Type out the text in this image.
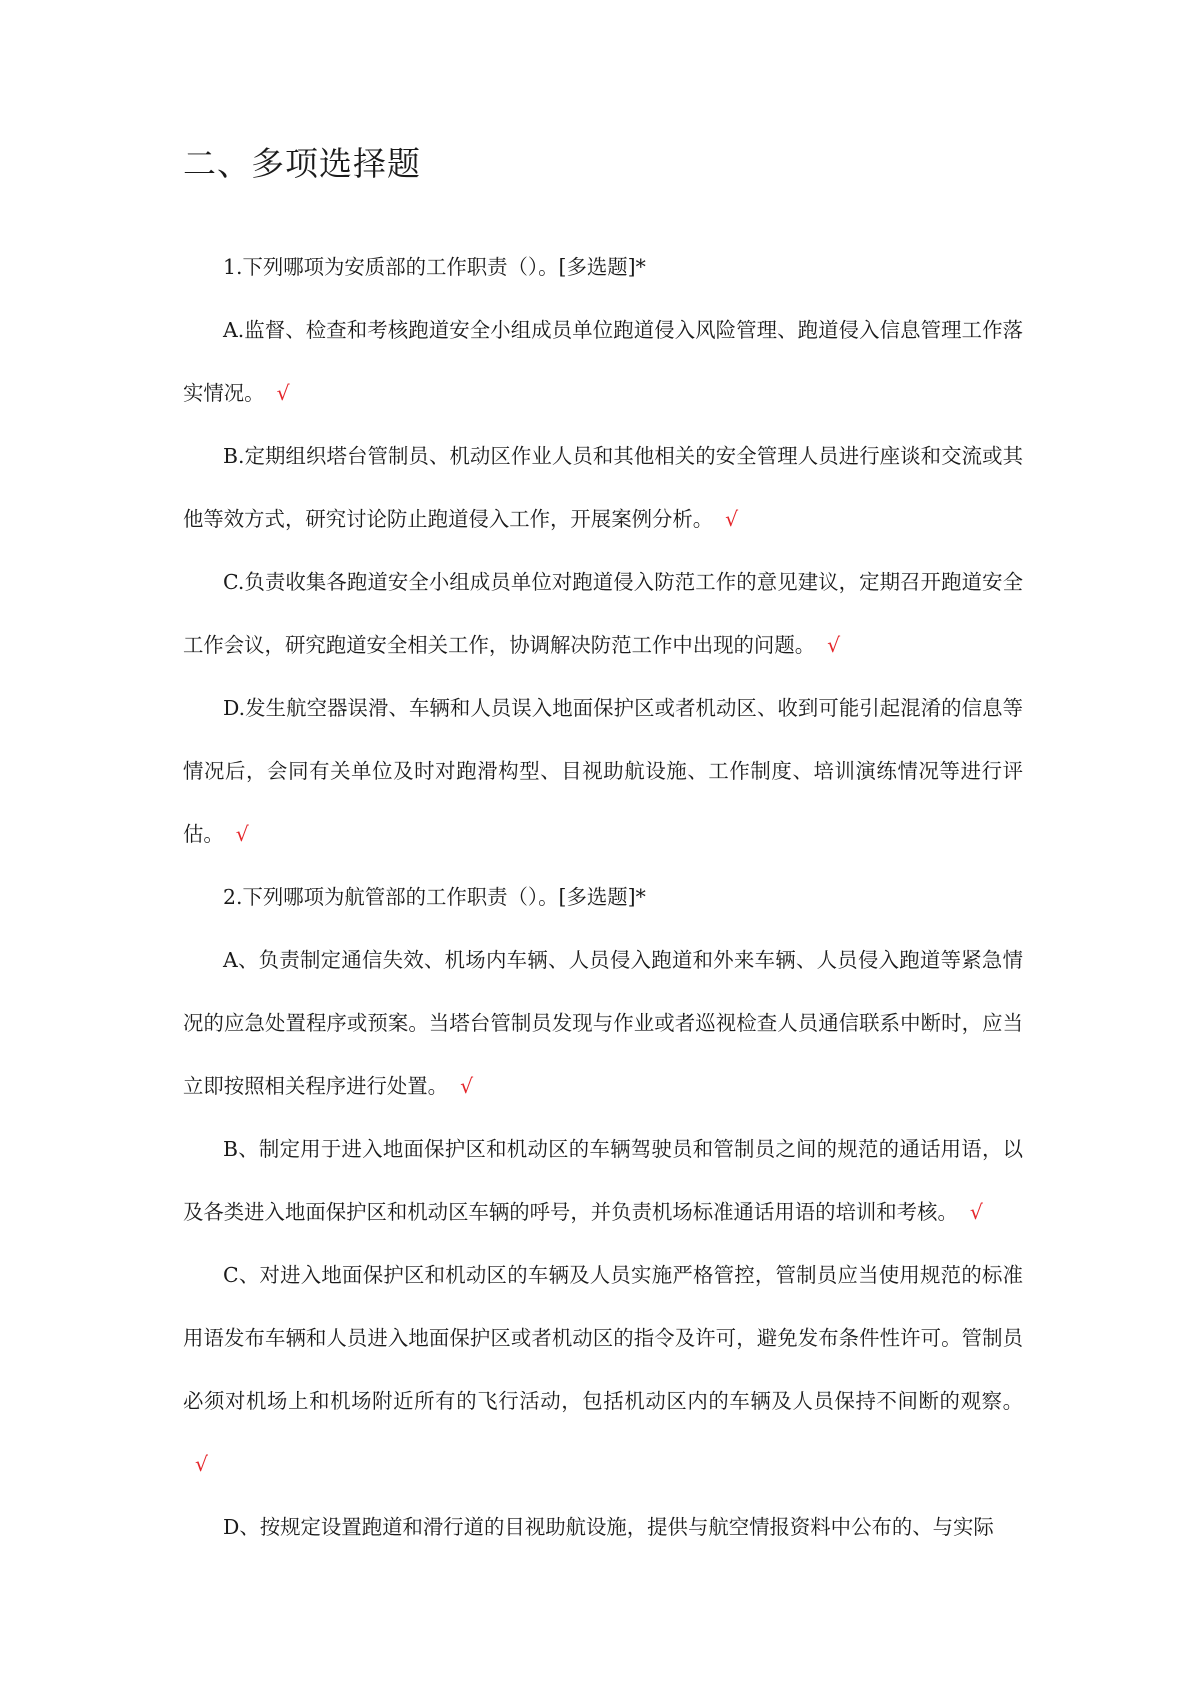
二、多项选择题

1.下列哪项为安质部的工作职责（）。[多选题]*

A.监督、检查和考核跑道安全小组成员单位跑道侵入风险管理、跑道侵入信息管理工作落实情况。 √

B.定期组织塔台管制员、机动区作业人员和其他相关的安全管理人员进行座谈和交流或其他等效方式，研究讨论防止跑道侵入工作，开展案例分析。 √

C.负责收集各跑道安全小组成员单位对跑道侵入防范工作的意见建议，定期召开跑道安全工作会议，研究跑道安全相关工作，协调解决防范工作中出现的问题。 √

D.发生航空器误滑、车辆和人员误入地面保护区或者机动区、收到可能引起混淆的信息等情况后，会同有关单位及时对跑滑构型、目视助航设施、工作制度、培训演练情况等进行评估。 √

2.下列哪项为航管部的工作职责（）。[多选题]*

A、负责制定通信失效、机场内车辆、人员侵入跑道和外来车辆、人员侵入跑道等紧急情况的应急处置程序或预案。当塔台管制员发现与作业或者巡视检查人员通信联系中断时，应当立即按照相关程序进行处置。 √

B、制定用于进入地面保护区和机动区的车辆驾驶员和管制员之间的规范的通话用语，以及各类进入地面保护区和机动区车辆的呼号，并负责机场标准通话用语的培训和考核。 √

C、对进入地面保护区和机动区的车辆及人员实施严格管控，管制员应当使用规范的标准用语发布车辆和人员进入地面保护区或者机动区的指令及许可，避免发布条件性许可。管制员必须对机场上和机场附近所有的飞行活动，包括机动区内的车辆及人员保持不间断的观察。√

D、按规定设置跑道和滑行道的目视助航设施，提供与航空情报资料中公布的、与实际
